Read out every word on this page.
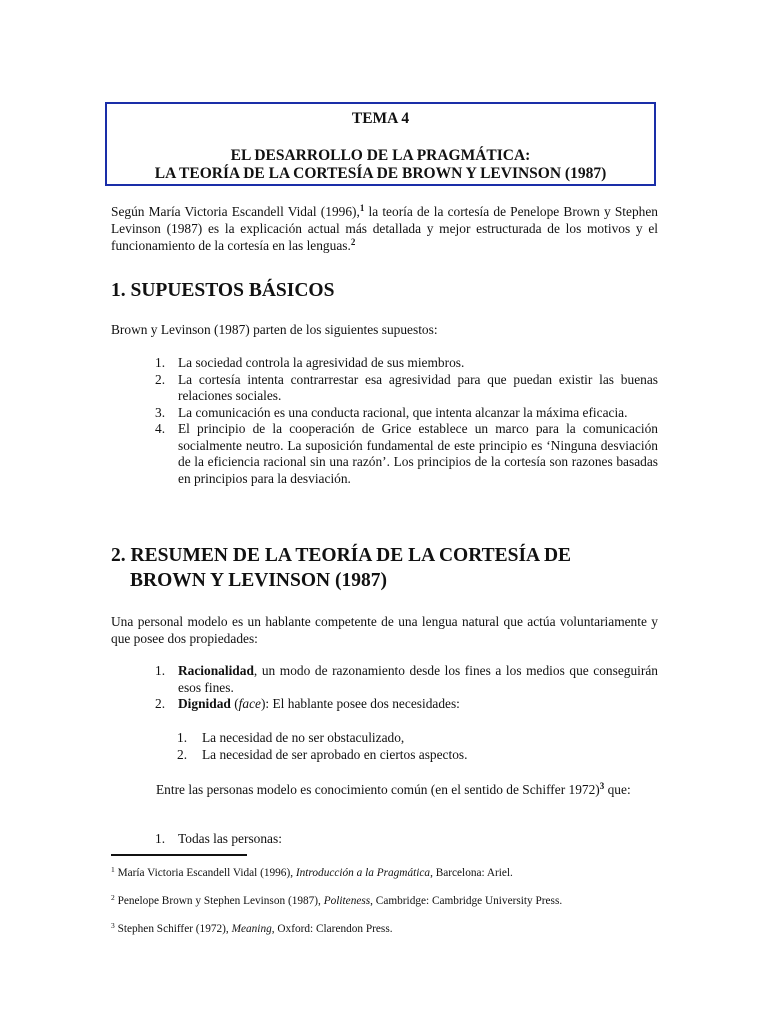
TEMA 4
EL DESARROLLO DE LA PRAGMÁTICA:
LA TEORÍA DE LA CORTESÍA DE BROWN Y LEVINSON (1987)
Según María Victoria Escandell Vidal (1996),$^1$ la teoría de la cortesía de Penelope Brown y Stephen Levinson (1987) es la explicación actual más detallada y mejor estructurada de los motivos y el funcionamiento de la cortesía en las lenguas.$^2$
1. SUPUESTOS BÁSICOS
Brown y Levinson (1987) parten de los siguientes supuestos:
1. La sociedad controla la agresividad de sus miembros.
2. La cortesía intenta contrarrestar esa agresividad para que puedan existir las buenas relaciones sociales.
3. La comunicación es una conducta racional, que intenta alcanzar la máxima eficacia.
4. El principio de la cooperación de Grice establece un marco para la comunicación socialmente neutro. La suposición fundamental de este principio es ‘Ninguna desviación de la eficiencia racional sin una razón’. Los principios de la cortesía son razones basadas en principios para la desviación.
2. RESUMEN DE LA TEORÍA DE LA CORTESÍA DE
BROWN Y LEVINSON (1987)
Una personal modelo es un hablante competente de una lengua natural que actúa voluntariamente y que posee dos propiedades:
1. Racionalidad, un modo de razonamiento desde los fines a los medios que conseguirán esos fines.
2. Dignidad (face): El hablante posee dos necesidades:
1. La necesidad de no ser obstaculizado,
2. La necesidad de ser aprobado en ciertos aspectos.
Entre las personas modelo es conocimiento común (en el sentido de Schiffer 1972)$^3$ que:
1. Todas las personas:
$^1$ María Victoria Escandell Vidal (1996), Introducción a la Pragmática, Barcelona: Ariel.
$^2$ Penelope Brown y Stephen Levinson (1987), Politeness, Cambridge: Cambridge University Press.
$^3$ Stephen Schiffer (1972), Meaning, Oxford: Clarendon Press.
